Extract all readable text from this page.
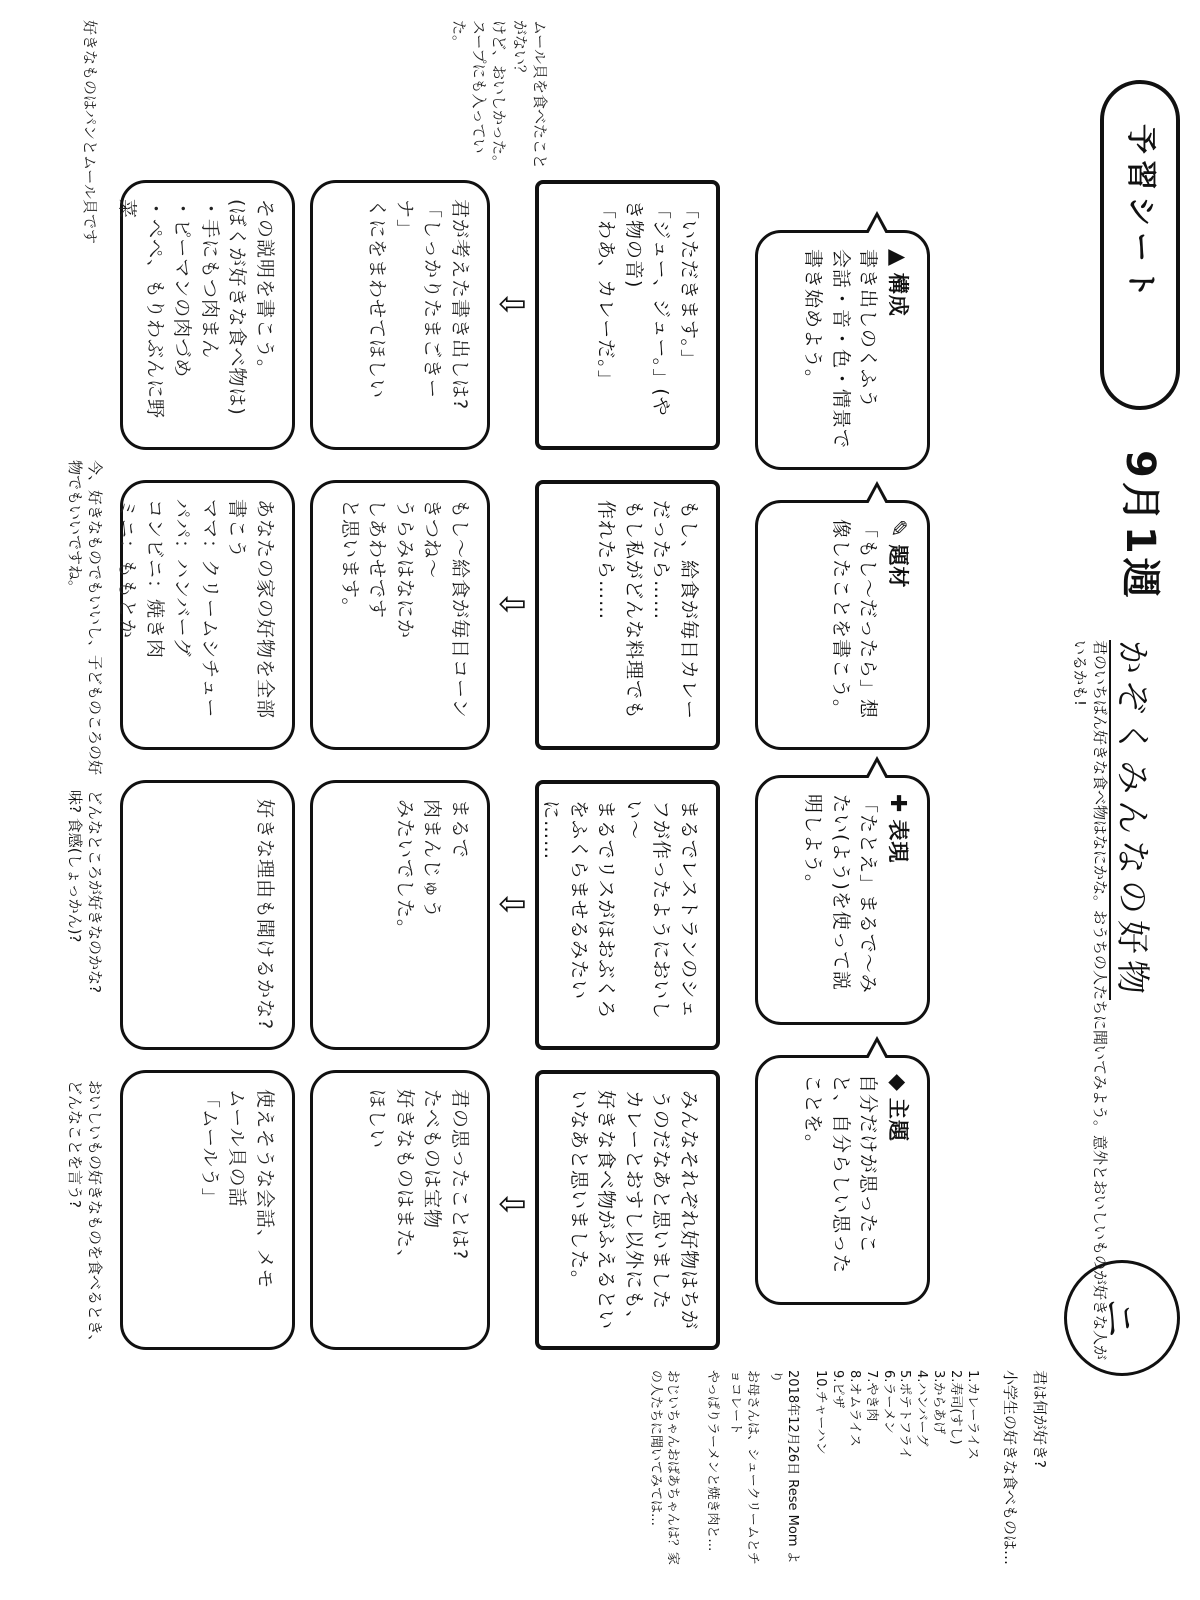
予習シート
9月1週
かぞくみんなの好物
君のいちばん好きな食べ物はなにかな。おうちの人たちに聞いてみよう。意外とおいしいものが好きな人がいるかも!
ニ
▲構成
書き出しのくふう
会話・音・色・情景で書き始めよう。
✎題材
「もし～だったら」想像したことを書こう。
✚表現
「たとえ」まるで～みたい(よう)を使って説明しよう。
◆主題
自分だけが思ったこと、自分らしい思ったことを。
「いただきます。」
「ジュー、ジュー。」(やき物の音)
「わあ、カレーだ。」
もし、給食が毎日カレーだったら……
もし私がどんな料理でも作れたら……
まるでレストランのシェフが作ったようにおいしい～
まるでリスがほおぶくろをふくらませるみたいに……
みんなそれぞれ好物はちがうのだなあと思いました
カレーとおすし以外にも、好きな食べ物がふえるといいなあと思いました。
⇩
⇩
⇩
⇩
君が考えた書き出しは?
「しっかりたまごきーナ」
くにをまわせてほしい
もし～給食が毎日コーンきつね～
うらみはなにか
しあわせです
と思います。
まるで
肉まんじゅう
みたいでした。
君の思ったことは?
たべものは宝物
好きなものはまた、
ほしい
その説明を書こう。
(ぼくが好きな食べ物は)
・手にもつ肉まん
・ピーマンの肉づめ
・ぺぺ、もりわぶんに野菜
あなたの家の好物を全部書こう
ママ：クリームシチュー
パパ：ハンバーグ
コンビニ：焼き肉
ミニ：ももとか
好きな理由も聞けるかな?
使えそうな会話、メモ
ムール貝の話
「ムールう」
ムール貝を食べたことがない？
けど、おいしかった。
スープにも入っていた。
好きなものはパンとムール貝です
今、好きなものでもいいし、子どものころの好物でもいいですね。
どんなところが好きなのかな?
味? 食感(しょっかん)?
おいしいもの好きなものを食べるとき、どんなことを言う?
君は何が好き?
小学生の好きな食べものは…
1.カレーライス
2.寿司(すし)
3.からあげ
4.ハンバーグ
5.ポテトフライ
6.ラーメン
7.やき肉
8.オムライス
9.ピザ
10.チャーハン
2018年12月26日 Rese Mom より
お母さんは、シュークリームとチョコレート
やっぱりラーメンと焼き肉と…
おじいちゃんおばあちゃんは？家の人たちに聞いてみては…
